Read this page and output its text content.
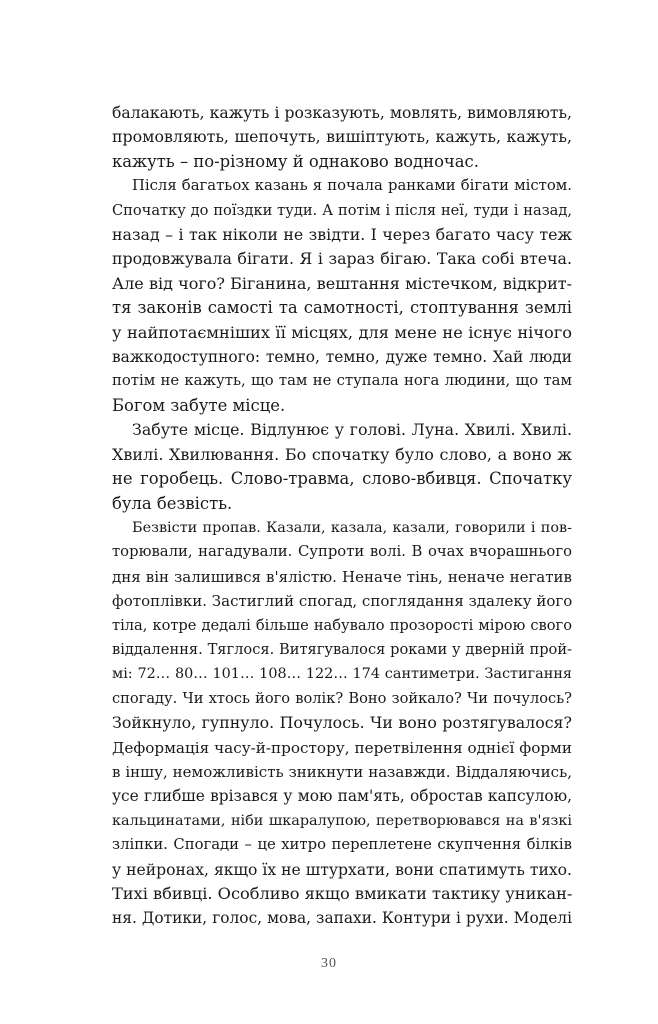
балакають, кажуть і розказують, мовлять, вимовляють,
промовляють, шепочуть, вишіптують, кажуть, кажуть,
кажуть – по-різному й однаково водночас.
Після багатьох казань я почала ранками бігати містом.
Спочатку до поїздки туди. А потім і після неї, туди і назад,
назад – і так ніколи не звідти. І через багато часу теж
продовжувала бігати. Я і зараз бігаю. Така собі втеча.
Але від чого? Біганина, вештання містечком, відкрит-
тя законів самості та самотності, стоптування землі
у найпотаємніших її місцях, для мене не існує нічого
важкодоступного: темно, темно, дуже темно. Хай люди
потім не кажуть, що там не ступала нога людини, що там
Богом забуте місце.
Забуте місце. Відлунює у голові. Луна. Хвилі. Хвилі.
Хвилі. Хвилювання. Бо спочатку було слово, а воно ж
не горобець. Слово-травма, слово-вбивця. Спочатку
була безвість.
Безвісти пропав. Казали, казала, казали, говорили і пов-
торювали, нагадували. Супроти волі. В очах вчорашнього
дня він залишився в'ялістю. Неначе тінь, неначе негатив
фотоплівки. Застиглий спогад, споглядання здалеку його
тіла, котре дедалі більше набувало прозорості мірою свого
віддалення. Тяглося. Витягувалося роками у дверній прой-
мі: 72… 80… 101… 108… 122… 174 сантиметри. Застигання
спогаду. Чи хтось його волік? Воно зойкало? Чи почулось?
Зойкнуло, гупнуло. Почулось. Чи воно розтягувалося?
Деформація часу-й-простору, перетвілення однієї форми
в іншу, неможливість зникнути назавжди. Віддаляючись,
усе глибше врізався у мою пам'ять, обростав капсулою,
кальцинатами, ніби шкаралупою, перетворювався на в'язкі
зліпки. Спогади – це хитро переплетене скупчення білків
у нейронах, якщо їх не штурхати, вони спатимуть тихо.
Тихі вбивці. Особливо якщо вмикати тактику уникан-
ня. Дотики, голос, мова, запахи. Контури і рухи. Моделі
30
